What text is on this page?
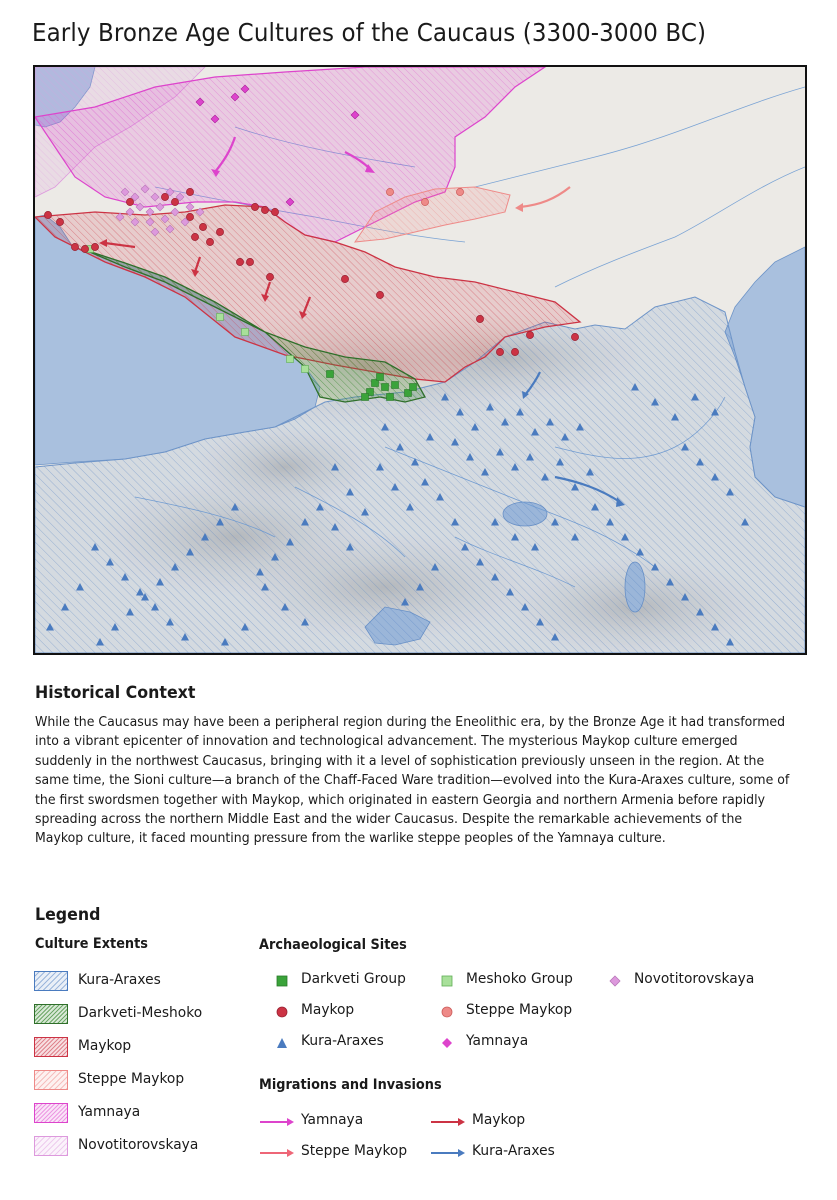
Early Bronze Age Cultures of the Caucaus (3300-3000 BC)
Historical Context
While the Caucasus may have been a peripheral region during the Eneolithic era, by the Bronze Age it had transformed into a vibrant epicenter of innovation and technological advancement. The mysterious Maykop culture emerged suddenly in the northwest Caucasus, bringing with it a level of sophistication previously unseen in the region. At the same time, the Sioni culture—a branch of the Chaff-Faced Ware tradition—evolved into the Kura-Araxes culture, some of the first swordsmen together with Maykop, which originated in eastern Georgia and northern Armenia before rapidly spreading across the northern Middle East and the wider Caucasus. Despite the remarkable achievements of the Maykop culture, it faced mounting pressure from the warlike steppe peoples of the Yamnaya culture.
Legend
Culture Extents	Archaeological Sites
Migrations and Invasions
Kura-Araxes
Darkveti-Meshoko
Maykop
Steppe Maykop
Yamnaya
Novotitorovskaya
Darkveti Group
Maykop
Kura-Araxes
Meshoko Group
Steppe Maykop
Yamnaya
Novotitorovskaya
Yamnaya
Steppe Maykop
Maykop
Kura-Araxes
